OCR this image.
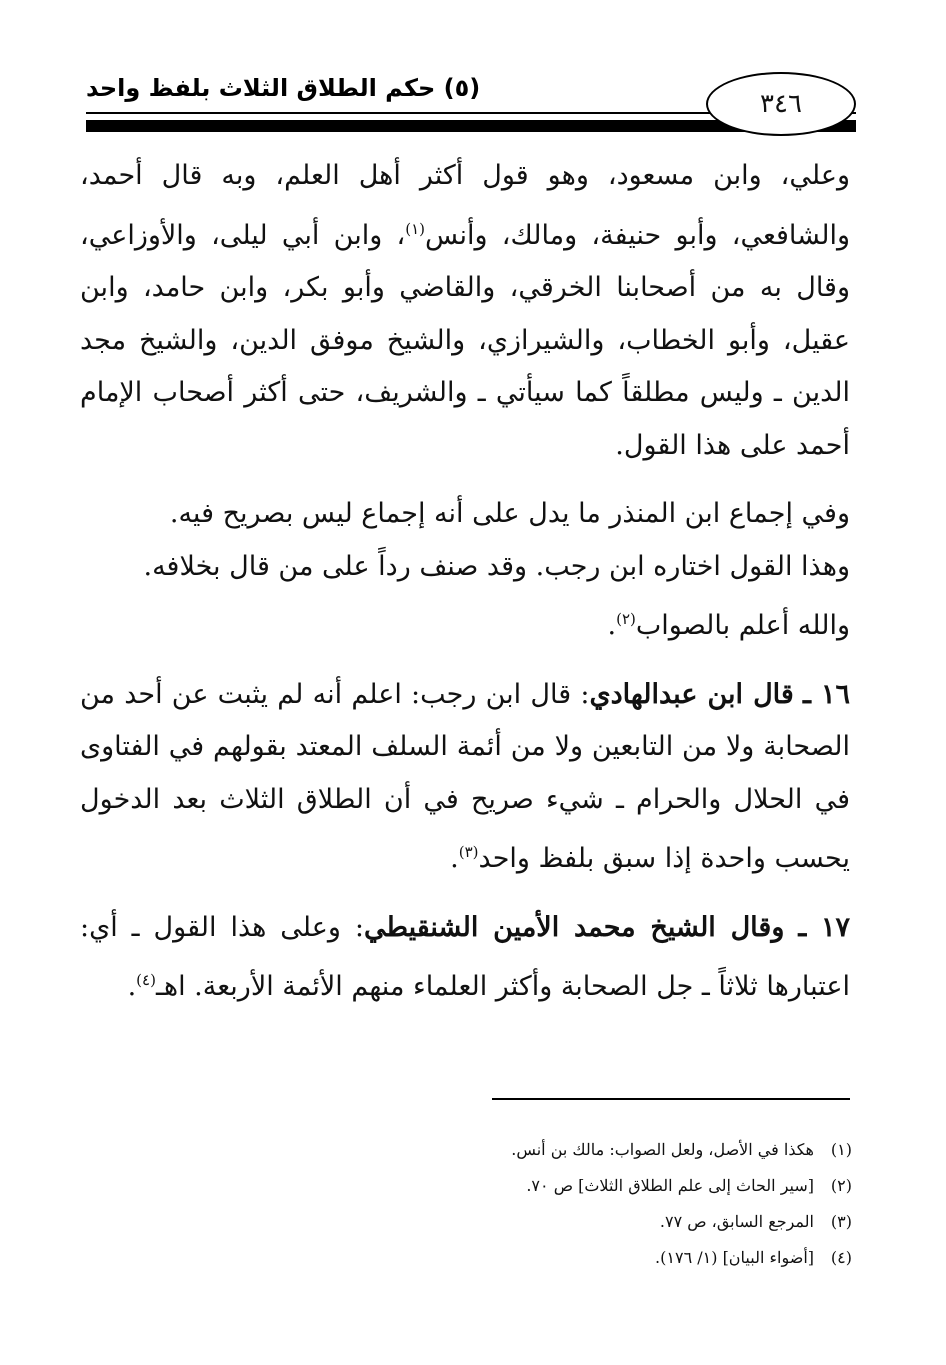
(٥) حكم الطلاق الثلاث بلفظ واحد
٣٤٦

وعلي، وابن مسعود، وهو قول أكثر أهل العلم، وبه قال أحمد، والشافعي، وأبو حنيفة، ومالك، وأنس$^{(١)}$، وابن أبي ليلى، والأوزاعي، وقال به من أصحابنا الخرقي، والقاضي وأبو بكر، وابن حامد، وابن عقيل، وأبو الخطاب، والشيرازي، والشيخ موفق الدين، والشيخ مجد الدين ـ وليس مطلقاً كما سيأتي ـ والشريف، حتى أكثر أصحاب الإمام أحمد على هذا القول.

وفي إجماع ابن المنذر ما يدل على أنه إجماع ليس بصريح فيه.

وهذا القول اختاره ابن رجب. وقد صنف رداً على من قال بخلافه.

والله أعلم بالصواب$^{(٢)}$.

١٦ ـ قال ابن عبدالهادي: قال ابن رجب: اعلم أنه لم يثبت عن أحد من الصحابة ولا من التابعين ولا من أئمة السلف المعتد بقولهم في الفتاوى في الحلال والحرام ـ شيء صريح في أن الطلاق الثلاث بعد الدخول يحسب واحدة إذا سبق بلفظ واحد$^{(٣)}$.

١٧ ـ وقال الشيخ محمد الأمين الشنقيطي: وعلى هذا القول ـ أي: اعتبارها ثلاثاً ـ جل الصحابة وأكثر العلماء منهم الأئمة الأربعة. اهـ$^{(٤)}$.

(١)
هكذا في الأصل، ولعل الصواب: مالك بن أنس.
(٢)
[سير الحاث إلى علم الطلاق الثلاث] ص ٧٠.
(٣)
المرجع السابق، ص ٧٧.
(٤)
[أضواء البيان] (١/ ١٧٦).
